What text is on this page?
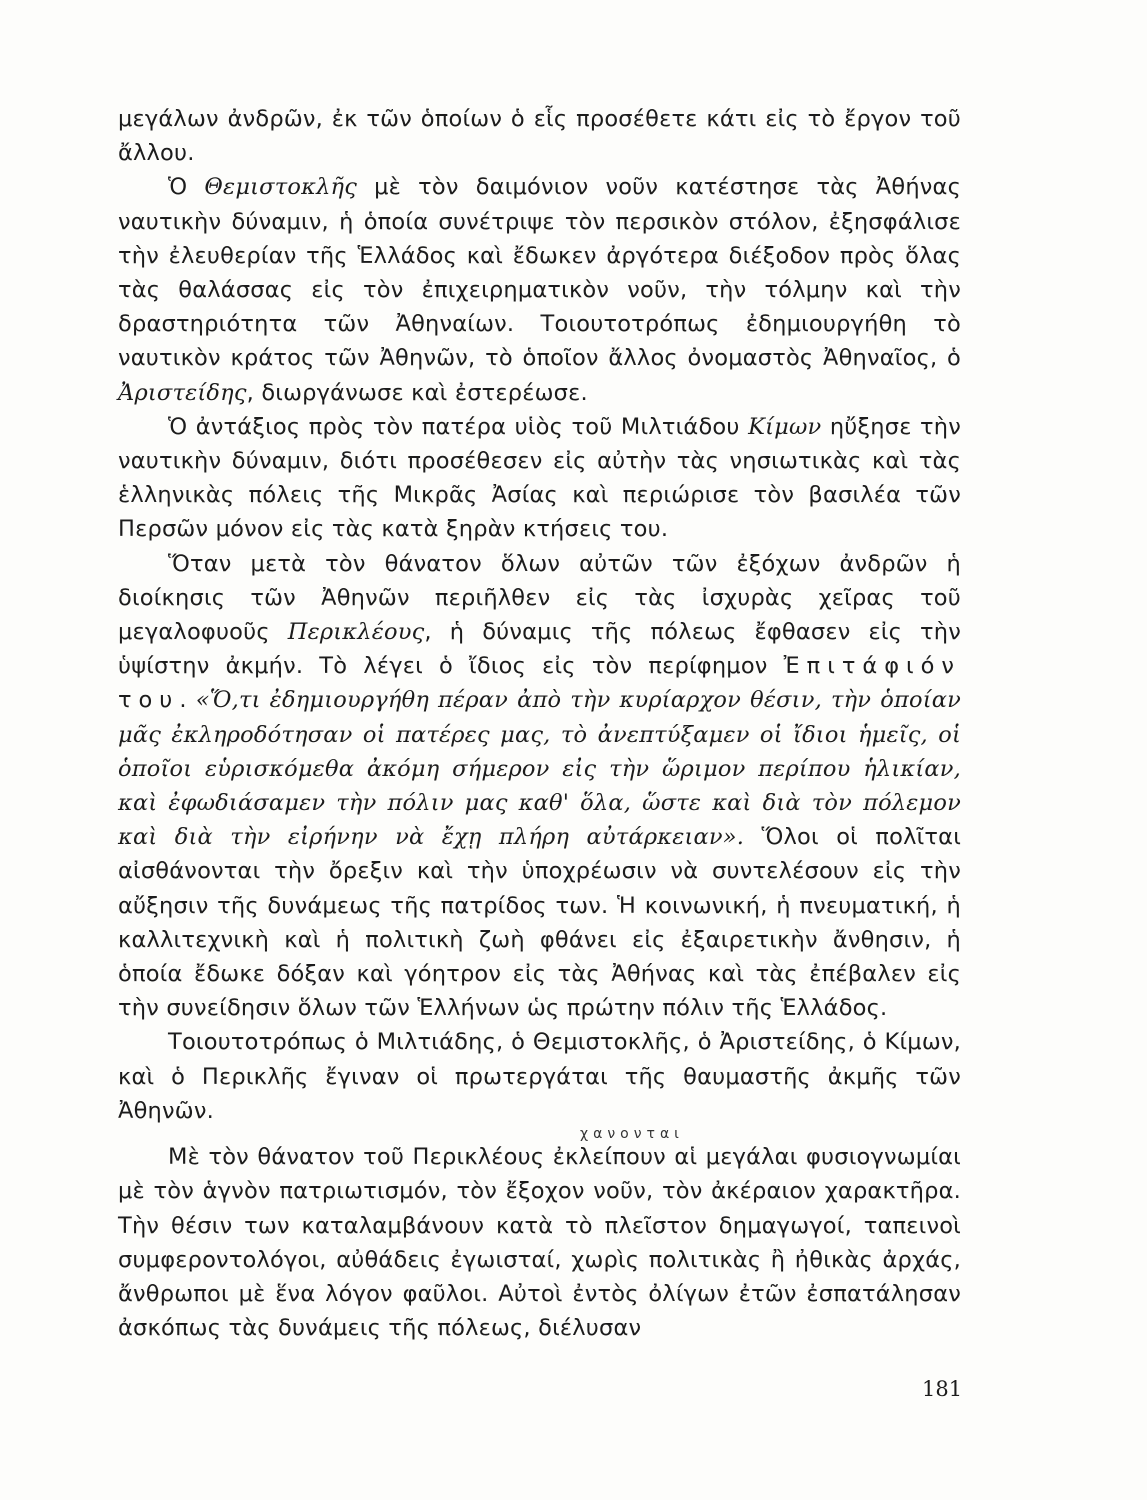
μεγάλων ἀνδρῶν, ἐκ τῶν ὁποίων ὁ εἷς προσέθετε κάτι εἰς τὸ ἔργον τοῦ ἄλλου.

Ὁ Θεμιστοκλῆς μὲ τὸν δαιμόνιον νοῦν κατέστησε τὰς Ἀθήνας ναυτικὴν δύναμιν, ἡ ὁποία συνέτριψε τὸν περσικὸν στόλον, ἐξησφάλισε τὴν ἐλευθερίαν τῆς Ἑλλάδος καὶ ἔδωκεν ἀργότερα διέξοδον πρὸς ὅλας τὰς θαλάσσας εἰς τὸν ἐπιχειρηματικὸν νοῦν, τὴν τόλμην καὶ τὴν δραστηριότητα τῶν Ἀθηναίων. Τοιουτοτρόπως ἐδημιουργήθη τὸ ναυτικὸν κράτος τῶν Ἀθηνῶν, τὸ ὁποῖον ἄλλος ὀνομαστὸς Ἀθηναῖος, ὁ Ἀριστείδης, διωργάνωσε καὶ ἐστερέωσε.

Ὁ ἀντάξιος πρὸς τὸν πατέρα υἱὸς τοῦ Μιλτιάδου Κίμων ηὔξησε τὴν ναυτικὴν δύναμιν, διότι προσέθεσεν εἰς αὐτὴν τὰς νησιωτικὰς καὶ τὰς ἑλληνικὰς πόλεις τῆς Μικρᾶς Ἀσίας καὶ περιώρισε τὸν βασιλέα τῶν Περσῶν μόνον εἰς τὰς κατὰ ξηρὰν κτήσεις του.

Ὅταν μετὰ τὸν θάνατον ὅλων αὐτῶν τῶν ἐξόχων ἀνδρῶν ἡ διοίκησις τῶν Ἀθηνῶν περιῆλθεν εἰς τὰς ἰσχυρὰς χεῖρας τοῦ μεγαλοφυοῦς Περικλέους, ἡ δύναμις τῆς πόλεως ἔφθασεν εἰς τὴν ὑψίστην ἀκμήν. Τὸ λέγει ὁ ἴδιος εἰς τὸν περίφημον Ἐπιτάφιόν του. «Ὅ,τι ἐδημιουργήθη πέραν ἀπὸ τὴν κυρίαρχον θέσιν, τὴν ὁποίαν μᾶς ἐκληροδότησαν οἱ πατέρες μας, τὸ ἀνεπτύξαμεν οἱ ἴδιοι ἡμεῖς, οἱ ὁποῖοι εὑρισκόμεθα ἀκόμη σήμερον εἰς τὴν ὥριμον περίπου ἡλικίαν, καὶ ἐφωδιάσαμεν τὴν πόλιν μας καθ' ὅλα, ὥστε καὶ διὰ τὸν πόλεμον καὶ διὰ τὴν εἰρήνην νὰ ἔχῃ πλήρη αὐτάρκειαν». Ὅλοι οἱ πολῖται αἰσθάνονται τὴν ὄρεξιν καὶ τὴν ὑποχρέωσιν νὰ συντελέσουν εἰς τὴν αὔξησιν τῆς δυνάμεως τῆς πατρίδος των. Ἡ κοινωνική, ἡ πνευματική, ἡ καλλιτεχνικὴ καὶ ἡ πολιτικὴ ζωὴ φθάνει εἰς ἐξαιρετικὴν ἄνθησιν, ἡ ὁποία ἔδωκε δόξαν καὶ γόητρον εἰς τὰς Ἀθήνας καὶ τὰς ἐπέβαλεν εἰς τὴν συνείδησιν ὅλων τῶν Ἑλλήνων ὡς πρώτην πόλιν τῆς Ἑλλάδος.

Τοιουτοτρόπως ὁ Μιλτιάδης, ὁ Θεμιστοκλῆς, ὁ Ἀριστείδης, ὁ Κίμων, καὶ ὁ Περικλῆς ἔγιναν οἱ πρωτεργάται τῆς θαυμαστῆς ἀκμῆς τῶν Ἀθηνῶν.

χανονται

Μὲ τὸν θάνατον τοῦ Περικλέους ἐκλείπουν αἱ μεγάλαι φυσιογνωμίαι μὲ τὸν ἁγνὸν πατριωτισμόν, τὸν ἔξοχον νοῦν, τὸν ἀκέραιον χαρακτῆρα. Τὴν θέσιν των καταλαμβάνουν κατὰ τὸ πλεῖστον δημαγωγοί, ταπεινοὶ συμφεροντολόγοι, αὐθάδεις ἐγωισταί, χωρὶς πολιτικὰς ἢ ἠθικὰς ἀρχάς, ἄνθρωποι μὲ ἕνα λόγον φαῦλοι. Αὐτοὶ ἐντὸς ὀλίγων ἐτῶν ἐσπατάλησαν ἀσκόπως τὰς δυνάμεις τῆς πόλεως, διέλυσαν

181
